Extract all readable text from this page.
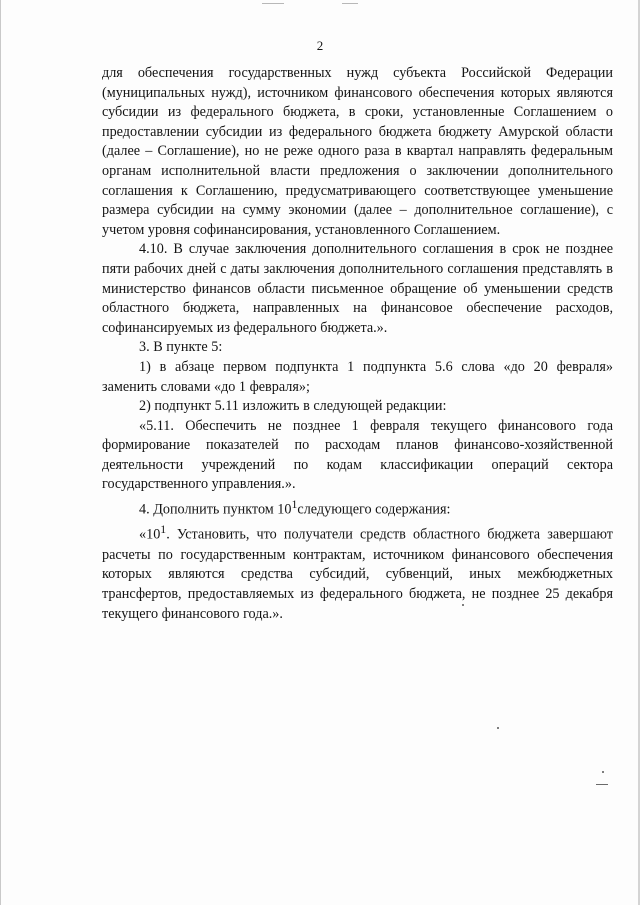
2

для обеспечения государственных нужд субъекта Российской Федерации (муниципальных нужд), источником финансового обеспечения которых являются субсидии из федерального бюджета, в сроки, установленные Соглашением о предоставлении субсидии из федерального бюджета бюджету Амурской области (далее – Соглашение), но не реже одного раза в квартал направлять федеральным органам исполнительной власти предложения о заключении дополнительного соглашения к Соглашению, предусматривающего соответствующее уменьшение размера субсидии на сумму экономии (далее – дополнительное соглашение), с учетом уровня софинансирования, установленного Соглашением.

4.10. В случае заключения дополнительного соглашения в срок не позднее пяти рабочих дней с даты заключения дополнительного соглашения представлять в министерство финансов области письменное обращение об уменьшении средств областного бюджета, направленных на финансовое обеспечение расходов, софинансируемых из федерального бюджета.».

3. В пункте 5:

1) в абзаце первом подпункта 1 подпункта 5.6 слова «до 20 февраля» заменить словами «до 1 февраля»;

2) подпункт 5.11 изложить в следующей редакции:

«5.11. Обеспечить не позднее 1 февраля текущего финансового года формирование показателей по расходам планов финансово-хозяйственной деятельности учреждений по кодам классификации операций сектора государственного управления.».

4. Дополнить пунктом $10^1следующего$ содержания:

«$10^1$. Установить, что получатели средств областного бюджета завершают расчеты по государственным контрактам, источником финансового обеспечения которых являются средства субсидий, субвенций, иных межбюджетных трансфертов, предоставляемых из федерального бюджета, не позднее 25 декабря текущего финансового года.».
